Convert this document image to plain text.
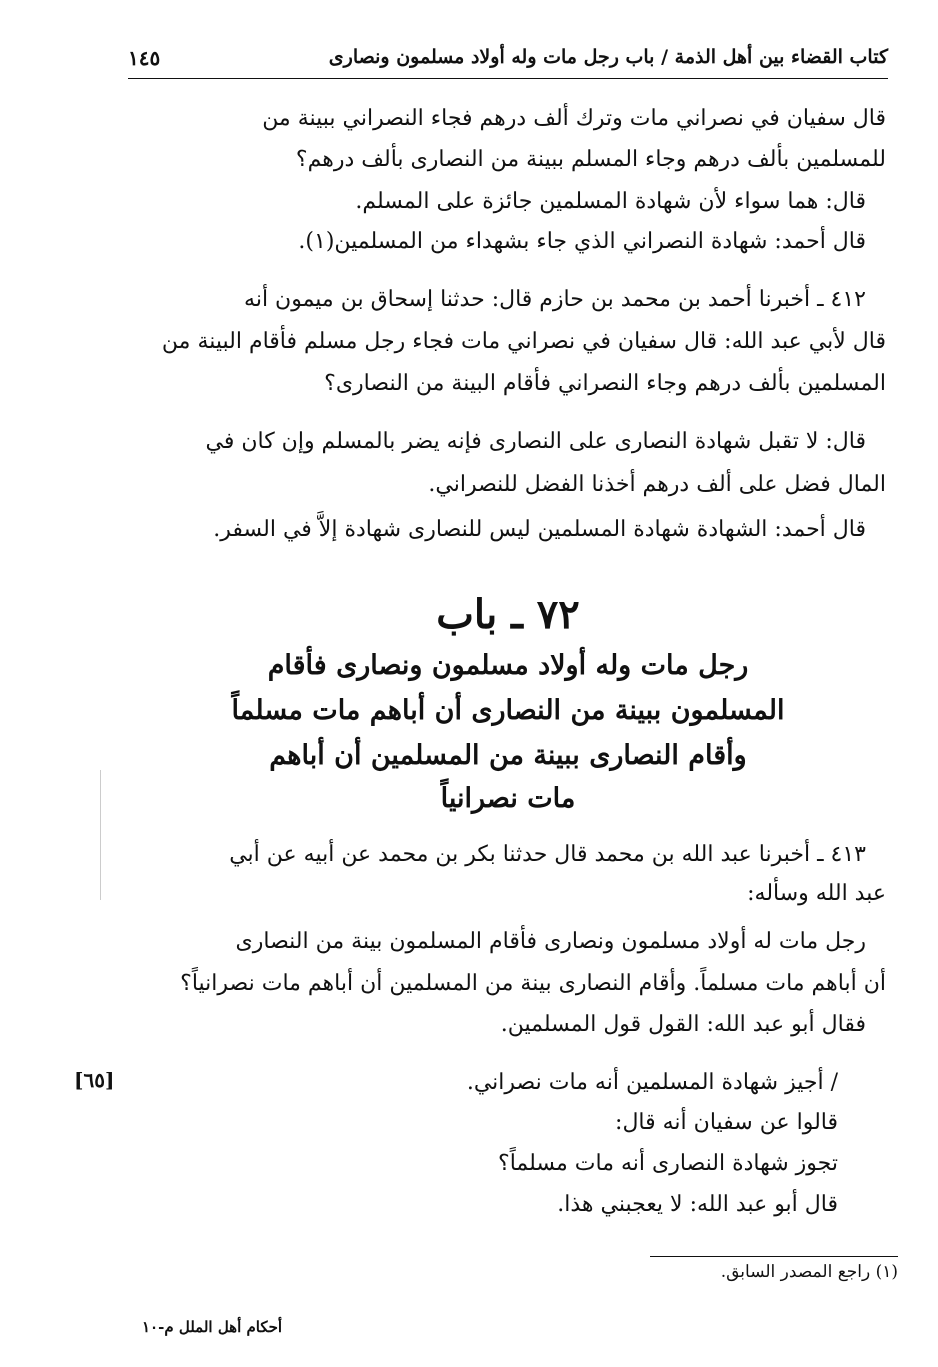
كتاب القضاء بين أهل الذمة / باب رجل مات وله أولاد مسلمون ونصارى
١٤٥
قال سفيان في نصراني مات وترك ألف درهم فجاء النصراني ببينة من
للمسلمين بألف درهم وجاء المسلم ببينة من النصارى بألف درهم؟
قال: هما سواء لأن شهادة المسلمين جائزة على المسلم.
قال أحمد: شهادة النصراني الذي جاء بشهداء من المسلمين(١).
٤١٢ ـ أخبرنا أحمد بن محمد بن حازم قال: حدثنا إسحاق بن ميمون أنه
قال لأبي عبد الله: قال سفيان في نصراني مات فجاء رجل مسلم فأقام البينة من
المسلمين بألف درهم وجاء النصراني فأقام البينة من النصارى؟
قال: لا تقبل شهادة النصارى على النصارى فإنه يضر بالمسلم وإن كان في
المال فضل على ألف درهم أخذنا الفضل للنصراني.
قال أحمد: الشهادة شهادة المسلمين ليس للنصارى شهادة إلاَّ في السفر.
٧٢ ـ باب
رجل مات وله أولاد مسلمون ونصارى فأقام
المسلمون ببينة من النصارى أن أباهم مات مسلماً
وأقام النصارى ببينة من المسلمين أن أباهم
مات نصرانياً
٤١٣ ـ أخبرنا عبد الله بن محمد قال حدثنا بكر بن محمد عن أبيه عن أبي
عبد الله وسأله:
رجل مات له أولاد مسلمون ونصارى فأقام المسلمون بينة من النصارى
أن أباهم مات مسلماً. وأقام النصارى بينة من المسلمين أن أباهم مات نصرانياً؟
فقال أبو عبد الله: القول قول المسلمين.
[٦٥]	/ أجيز شهادة المسلمين أنه مات نصراني.
قالوا عن سفيان أنه قال:
تجوز شهادة النصارى أنه مات مسلماً؟
قال أبو عبد الله: لا يعجبني هذا.
(١) راجع المصدر السابق.
أحكام أهل الملل م-١٠
